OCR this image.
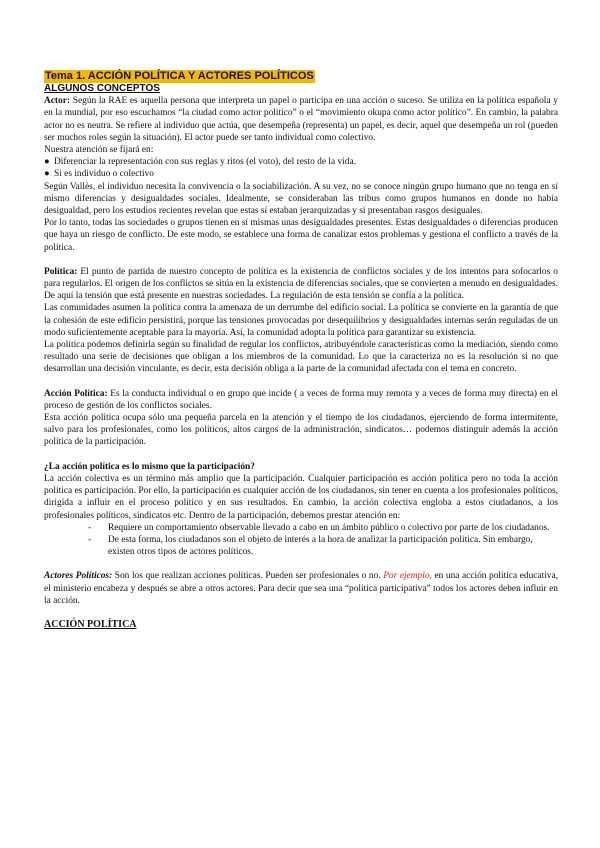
Tema 1. ACCIÓN POLÍTICA Y ACTORES POLÍTICOS
ALGUNOS CONCEPTOS

Actor: Según la RAE es aquella persona que interpreta un papel o participa en una acción o suceso. Se utiliza en la política española y en la mundial, por eso escuchamos “la ciudad como actor político” o el “movimiento okupa como actor político”. En cambio, la palabra actor no es neutra. Se refiere al individuo que actúa, que desempeña (representa) un papel, es decir, aquel que desempeña un rol (pueden ser muchos roles según la situación). El actor puede ser tanto individual como colectivo.

Nuestra atención se fijará en:

● Diferenciar la representación con sus reglas y ritos (el voto), del resto de la vida.
● Si es individuo o colectivo

Según Vallès, el individuo necesita la convivencia o la sociabilización. A su vez, no se conoce ningún grupo humano que no tenga en sí mismo diferencias y desigualdades sociales. Idealmente, se consideraban las tribus como grupos humanos en donde no había desigualdad, pero los estudios recientes revelan que estas sí estaban jerarquizadas y si presentaban rasgos desiguales.

Por lo tanto, todas las sociedades o grupos tienen en sí mismas unas desigualdades presentes. Estas desigualdades o diferencias producen que haya un riesgo de conflicto. De este modo, se establece una forma de canalizar estos problemas y gestiona el conflicto a través de la política.

Política: El punto de partida de nuestro concepto de política es la existencia de conflictos sociales y de los intentos para sofocarlos o para regularlos. El origen de los conflictos se sitúa en la existencia de diferencias sociales, que se convierten a menudo en desigualdades. De aquí la tensión que está presente en nuestras sociedades. La regulación de esta tensión se confía a la política.

Las comunidades asumen la política contra la amenaza de un derrumbe del edificio social. La política se convierte en la garantía de que la cohesión de este edificio persistirá, porque las tensiones provocadas por desequilibrios y desigualdades internas serán reguladas de un modo suficientemente aceptable para la mayoría. Así, la comunidad adopta la política para garantizar su existencia.

La política podemos definirla según su finalidad de regular los conflictos, atribuyéndole características como la mediación, siendo como resultado una serie de decisiones que obligan a los miembros de la comunidad. Lo que la caracteriza no es la resolución si no que desarrollan una decisión vinculante, es decir, esta decisión obliga a la parte de la comunidad afectada con el tema en concreto.

Acción Política: Es la conducta individual o en grupo que incide ( a veces de forma muy remota y a veces de forma muy directa) en el proceso de gestión de los conflictos sociales.

Esta acción política ocupa sólo una pequeña parcela en la atención y el tiempo de los ciudadanos, ejerciendo de forma intermitente, salvo para los profesionales, como los políticos, altos cargos de la administración, sindicatos… podemos distinguir además la acción política de la participación.

¿La acción política es lo mismo que la participación?

La acción colectiva es un término más amplio que la participación. Cualquier participación es acción política pero no toda la acción política es participación. Por ello, la participación es cualquier acción de los ciudadanos, sin tener en cuenta a los profesionales políticos, dirigida a influir en el proceso político y en sus resultados. En cambio, la acción colectiva engloba a estos ciudadanos, a los profesionales políticos, sindicatos etc. Dentro de la participación, debemos prestar atención en:

-	Requiere un comportamiento observable llevado a cabo en un ámbito público o colectivo por parte de los ciudadanos.
-	De esta forma, los ciudadanos son el objeto de interés a la hora de analizar la participación política. Sin embargo, existen otros tipos de actores políticos.

Actores Políticos: Son los que realizan acciones políticas. Pueden ser profesionales o no. Por ejemplo, en una acción política educativa, el ministerio encabeza y después se abre a otros actores. Para decir que sea una “política participativa” todos los actores deben influir en la acción.

ACCIÓN POLÍTICA
